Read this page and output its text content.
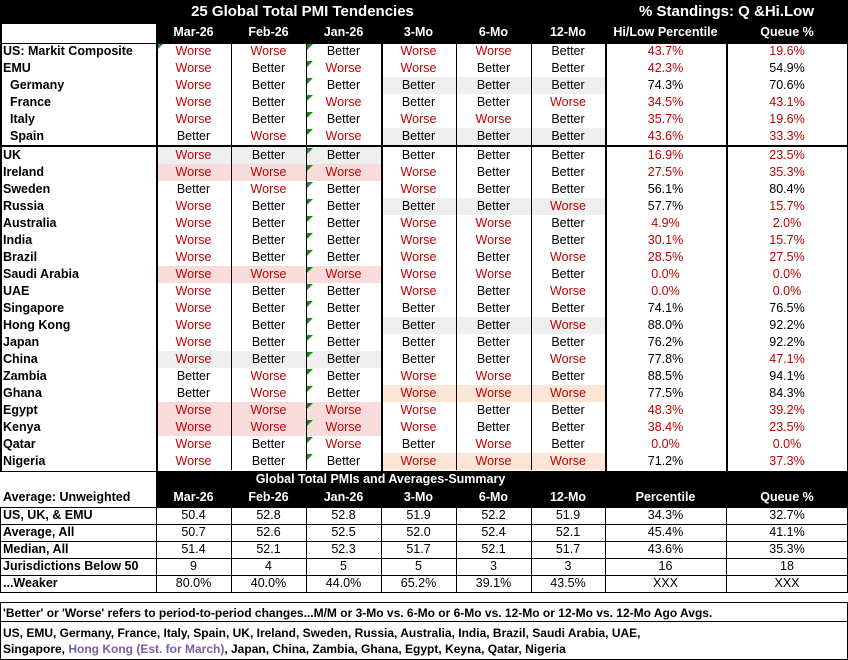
25 Global Total PMI Tendencies	% Standings: Q &Hi.Low
'Better' or 'Worse' refers to period-to-period changes...M/M or 3-Mo vs. 6-Mo or 6-Mo vs. 12-Mo or 12-Mo vs. 12-Mo Ago Avgs.
US, EMU, Germany, France, Italy, Spain, UK, Ireland, Sweden, Russia, Australia, India, Brazil, Saudi Arabia, UAE,
Singapore, Hong Kong (Est. for March), Japan, China, Zambia, Ghana, Egypt, Keyna, Qatar, Nigeria
Mar-26	Feb-26	Jan-26	3-Mo	6-Mo	12-Mo	Hi/Low Percentile	Queue %
US: Markit Composite	Worse	Worse	Better	Worse	Worse	Better	43.7%	19.6%
EMU	Worse	Better	Worse	Worse	Better	Better	42.3%	54.9%
Germany	Worse	Better	Better	Better	Better	Better	74.3%	70.6%
France	Worse	Better	Worse	Better	Better	Worse	34.5%	43.1%
Italy	Worse	Better	Better	Worse	Worse	Better	35.7%	19.6%
Spain	Better	Worse	Worse	Better	Better	Better	43.6%	33.3%
UK	Worse	Better	Better	Better	Better	Better	16.9%	23.5%
Ireland	Worse	Worse	Worse	Worse	Better	Better	27.5%	35.3%
Sweden	Better	Worse	Better	Worse	Better	Better	56.1%	80.4%
Russia	Worse	Better	Better	Better	Better	Worse	57.7%	15.7%
Australia	Worse	Better	Better	Worse	Worse	Better	4.9%	2.0%
India	Worse	Better	Better	Worse	Worse	Better	30.1%	15.7%
Brazil	Worse	Better	Better	Worse	Better	Worse	28.5%	27.5%
Saudi Arabia	Worse	Worse	Worse	Worse	Worse	Better	0.0%	0.0%
UAE	Worse	Better	Better	Worse	Better	Worse	0.0%	0.0%
Singapore	Worse	Better	Better	Better	Better	Better	74.1%	76.5%
Hong Kong	Worse	Better	Better	Better	Better	Worse	88.0%	92.2%
Japan	Worse	Better	Better	Better	Better	Better	76.2%	92.2%
China	Worse	Better	Better	Better	Better	Worse	77.8%	47.1%
Zambia	Better	Worse	Better	Worse	Worse	Better	88.5%	94.1%
Ghana	Better	Worse	Better	Worse	Worse	Worse	77.5%	84.3%
Egypt	Worse	Worse	Worse	Worse	Better	Better	48.3%	39.2%
Kenya	Worse	Worse	Worse	Worse	Better	Better	38.4%	23.5%
Qatar	Worse	Better	Worse	Better	Worse	Better	0.0%	0.0%
Nigeria	Worse	Better	Better	Worse	Worse	Worse	71.2%	37.3%
Global Total PMIs and Averages-Summary
Average: Unweighted	Mar-26	Feb-26	Jan-26	3-Mo	6-Mo	12-Mo	Percentile	Queue %
US, UK, & EMU	50.4	52.8	52.8	51.9	52.2	51.9	34.3%	32.7%
Average, All	50.7	52.6	52.5	52.0	52.4	52.1	45.4%	41.1%
Median, All	51.4	52.1	52.3	51.7	52.1	51.7	43.6%	35.3%
Jurisdictions Below 50	9	4	5	5	3	3	16	18
...Weaker	80.0%	40.0%	44.0%	65.2%	39.1%	43.5%	XXX	XXX
